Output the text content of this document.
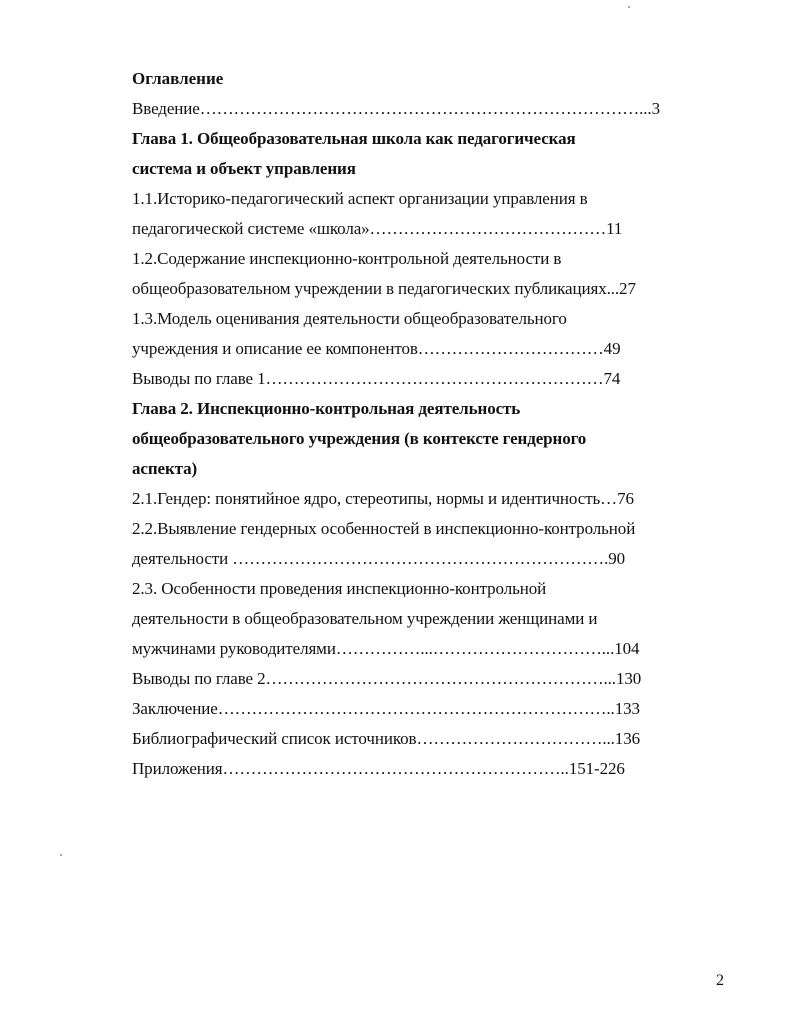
Оглавление
Введение……………………………………………………………………...3
Глава 1. Общеобразовательная школа как педагогическая
система и объект управления
1.1.Историко-педагогический аспект организации управления в
педагогической системе «школа»……………………………………11
1.2.Содержание инспекционно-контрольной деятельности в
общеобразовательном учреждении в педагогических публикациях...27
1.3.Модель оценивания деятельности общеобразовательного
учреждения и описание ее компонентов……………………………49
Выводы по главе 1……………………………………………………74
Глава 2. Инспекционно-контрольная деятельность
общеобразовательного учреждения (в контексте гендерного
аспекта)
2.1.Гендер: понятийное ядро, стереотипы, нормы и идентичность…76
2.2.Выявление гендерных особенностей в инспекционно-контрольной
деятельности ………………………………………………………….90
2.3. Особенности проведения инспекционно-контрольной
деятельности в общеобразовательном учреждении женщинами и
мужчинами руководителями……………...…………………………...104
Выводы по главе 2……………………………………………………...130
Заключение……………………………………………………………..133
Библиографический список источников……………………………...136
Приложения……………………………………………………..151-226
2
